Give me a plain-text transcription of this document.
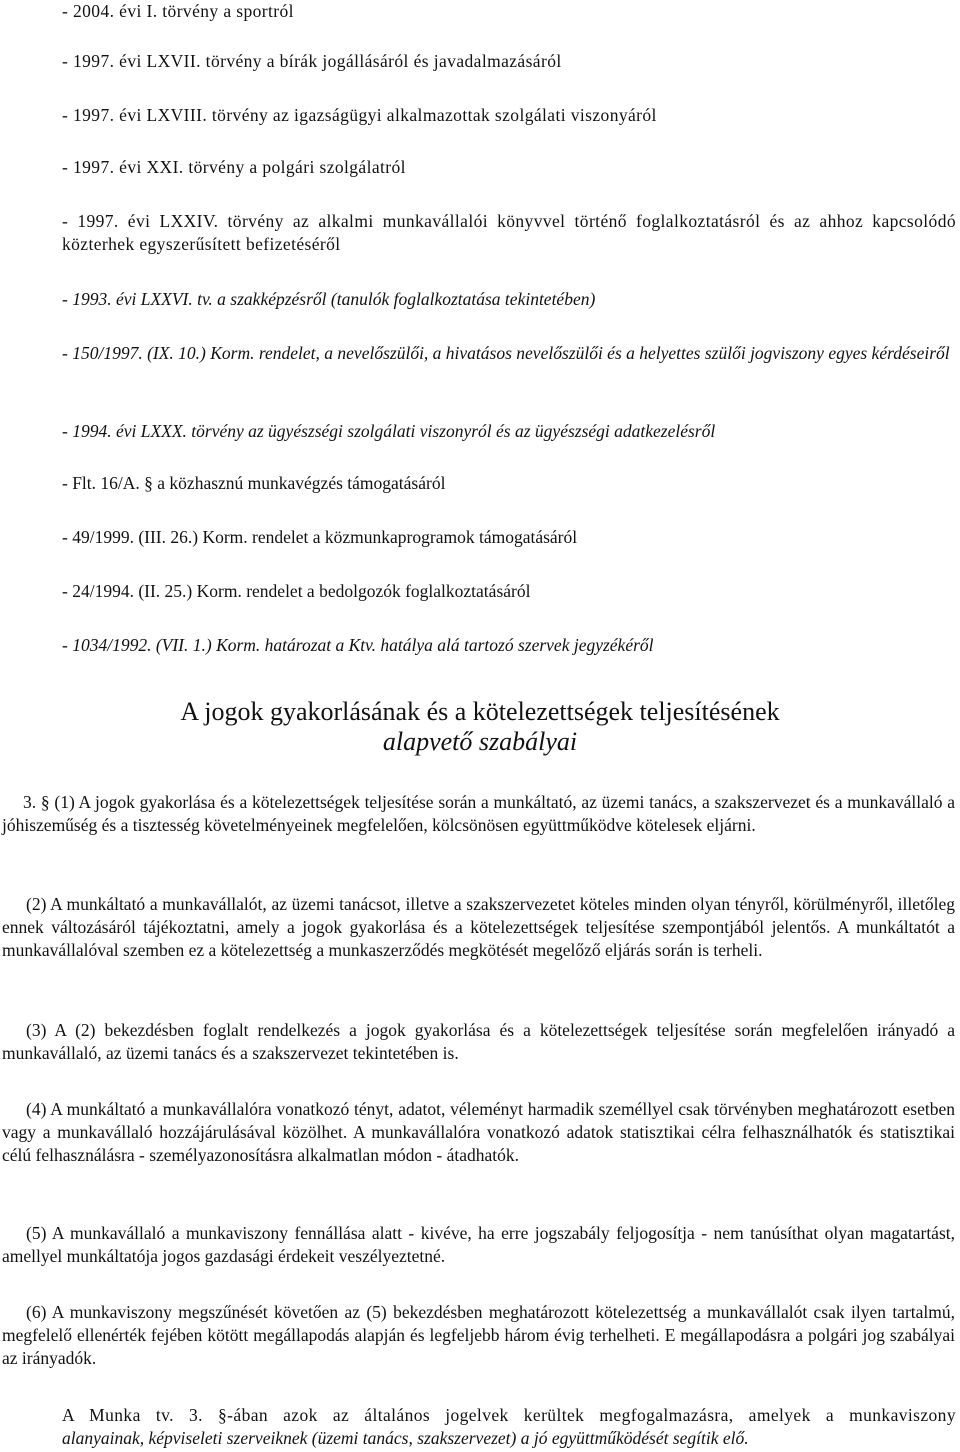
- 2004. évi I. törvény a sportról

- 1997. évi LXVII. törvény a bírák jogállásáról és javadalmazásáról

- 1997. évi LXVIII. törvény az igazságügyi alkalmazottak szolgálati viszonyáról

- 1997. évi XXI. törvény a polgári szolgálatról

- 1997. évi LXXIV. törvény az alkalmi munkavállalói könyvvel történő foglalkoztatásról és az ahhoz kapcsolódó közterhek egyszerűsített befizetéséről

- 1993. évi LXXVI. tv. a szakképzésről (tanulók foglalkoztatása tekintetében)

- 150/1997. (IX. 10.) Korm. rendelet, a nevelőszülői, a hivatásos nevelőszülői és a helyettes szülői jogviszony egyes kérdéseiről

- 1994. évi LXXX. törvény az ügyészségi szolgálati viszonyról és az ügyészségi adatkezelésről

- Flt. 16/A. § a közhasznú munkavégzés támogatásáról

- 49/1999. (III. 26.) Korm. rendelet a közmunkaprogramok támogatásáról

- 24/1994. (II. 25.) Korm. rendelet a bedolgozók foglalkoztatásáról

- 1034/1992. (VII. 1.) Korm. határozat a Ktv. hatálya alá tartozó szervek jegyzékéről

A jogok gyakorlásának és a kötelezettségek teljesítésének
alapvető szabályai

3. § (1) A jogok gyakorlása és a kötelezettségek teljesítése során a munkáltató, az üzemi tanács, a szakszervezet és a munkavállaló a jóhiszeműség és a tisztesség követelményeinek megfelelően, kölcsönösen együttműködve kötelesek eljárni.

(2) A munkáltató a munkavállalót, az üzemi tanácsot, illetve a szakszervezetet köteles minden olyan tényről, körülményről, illetőleg ennek változásáról tájékoztatni, amely a jogok gyakorlása és a kötelezettségek teljesítése szempontjából jelentős. A munkáltatót a munkavállalóval szemben ez a kötelezettség a munkaszerződés megkötését megelőző eljárás során is terheli.

(3) A (2) bekezdésben foglalt rendelkezés a jogok gyakorlása és a kötelezettségek teljesítése során megfelelően irányadó a munkavállaló, az üzemi tanács és a szakszervezet tekintetében is.

(4) A munkáltató a munkavállalóra vonatkozó tényt, adatot, véleményt harmadik személlyel csak törvényben meghatározott esetben vagy a munkavállaló hozzájárulásával közölhet. A munkavállalóra vonatkozó adatok statisztikai célra felhasználhatók és statisztikai célú felhasználásra - személyazonosításra alkalmatlan módon - átadhatók.

(5) A munkavállaló a munkaviszony fennállása alatt - kivéve, ha erre jogszabály feljogosítja - nem tanúsíthat olyan magatartást, amellyel munkáltatója jogos gazdasági érdekeit veszélyeztetné.

(6) A munkaviszony megszűnését követően az (5) bekezdésben meghatározott kötelezettség a munkavállalót csak ilyen tartalmú, megfelelő ellenérték fejében kötött megállapodás alapján és legfeljebb három évig terhelheti. E megállapodásra a polgári jog szabályai az irányadók.

A Munka tv. 3. §-ában azok az általános jogelvek kerültek megfogalmazásra, amelyek a munkaviszony
alanyainak, képviseleti szerveiknek (üzemi tanács, szakszervezet) a jó együttműködését segítik elő.
